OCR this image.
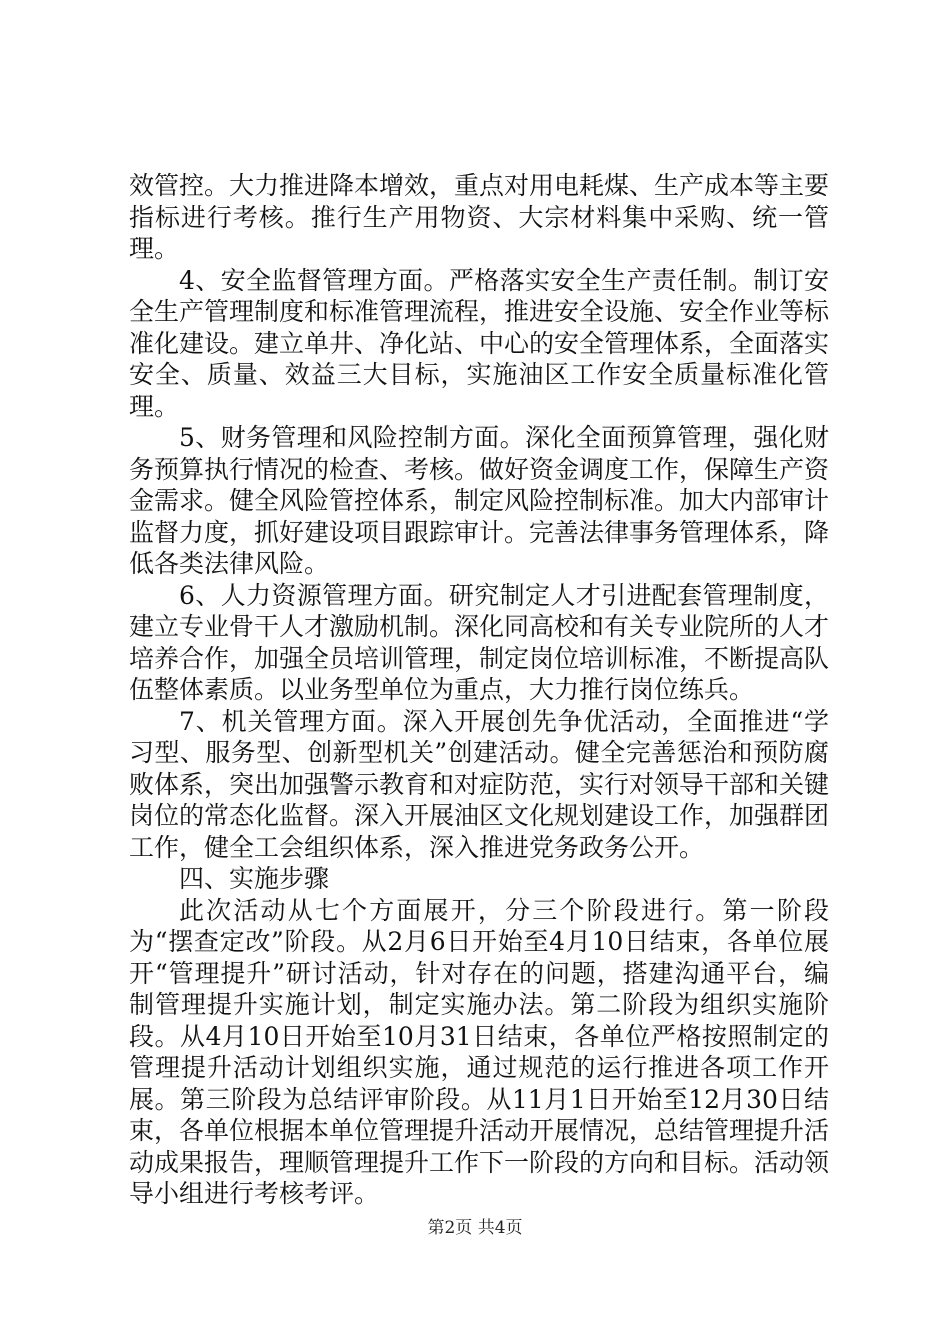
效管控。大力推进降本增效，重点对用电耗煤、生产成本等主要指标进行考核。推行生产用物资、大宗材料集中采购、统一管理。

4、安全监督管理方面。严格落实安全生产责任制。制订安全生产管理制度和标准管理流程，推进安全设施、安全作业等标准化建设。建立单井、净化站、中心的安全管理体系，全面落实安全、质量、效益三大目标，实施油区工作安全质量标准化管理。

5、财务管理和风险控制方面。深化全面预算管理，强化财务预算执行情况的检查、考核。做好资金调度工作，保障生产资金需求。健全风险管控体系，制定风险控制标准。加大内部审计监督力度，抓好建设项目跟踪审计。完善法律事务管理体系，降低各类法律风险。

6、人力资源管理方面。研究制定人才引进配套管理制度，建立专业骨干人才激励机制。深化同高校和有关专业院所的人才培养合作，加强全员培训管理，制定岗位培训标准，不断提高队伍整体素质。以业务型单位为重点，大力推行岗位练兵。

7、机关管理方面。深入开展创先争优活动，全面推进“学习型、服务型、创新型机关”创建活动。健全完善惩治和预防腐败体系，突出加强警示教育和对症防范，实行对领导干部和关键岗位的常态化监督。深入开展油区文化规划建设工作，加强群团工作，健全工会组织体系，深入推进党务政务公开。

四、实施步骤

此次活动从七个方面展开，分三个阶段进行。第一阶段为“摆查定改”阶段。从2月6日开始至4月10日结束，各单位展开“管理提升”研讨活动，针对存在的问题，搭建沟通平台，编制管理提升实施计划，制定实施办法。第二阶段为组织实施阶段。从4月10日开始至10月31日结束，各单位严格按照制定的管理提升活动计划组织实施，通过规范的运行推进各项工作开展。第三阶段为总结评审阶段。从11月1日开始至12月30日结束，各单位根据本单位管理提升活动开展情况，总结管理提升活动成果报告，理顺管理提升工作下一阶段的方向和目标。活动领导小组进行考核考评。

第2页 共4页
